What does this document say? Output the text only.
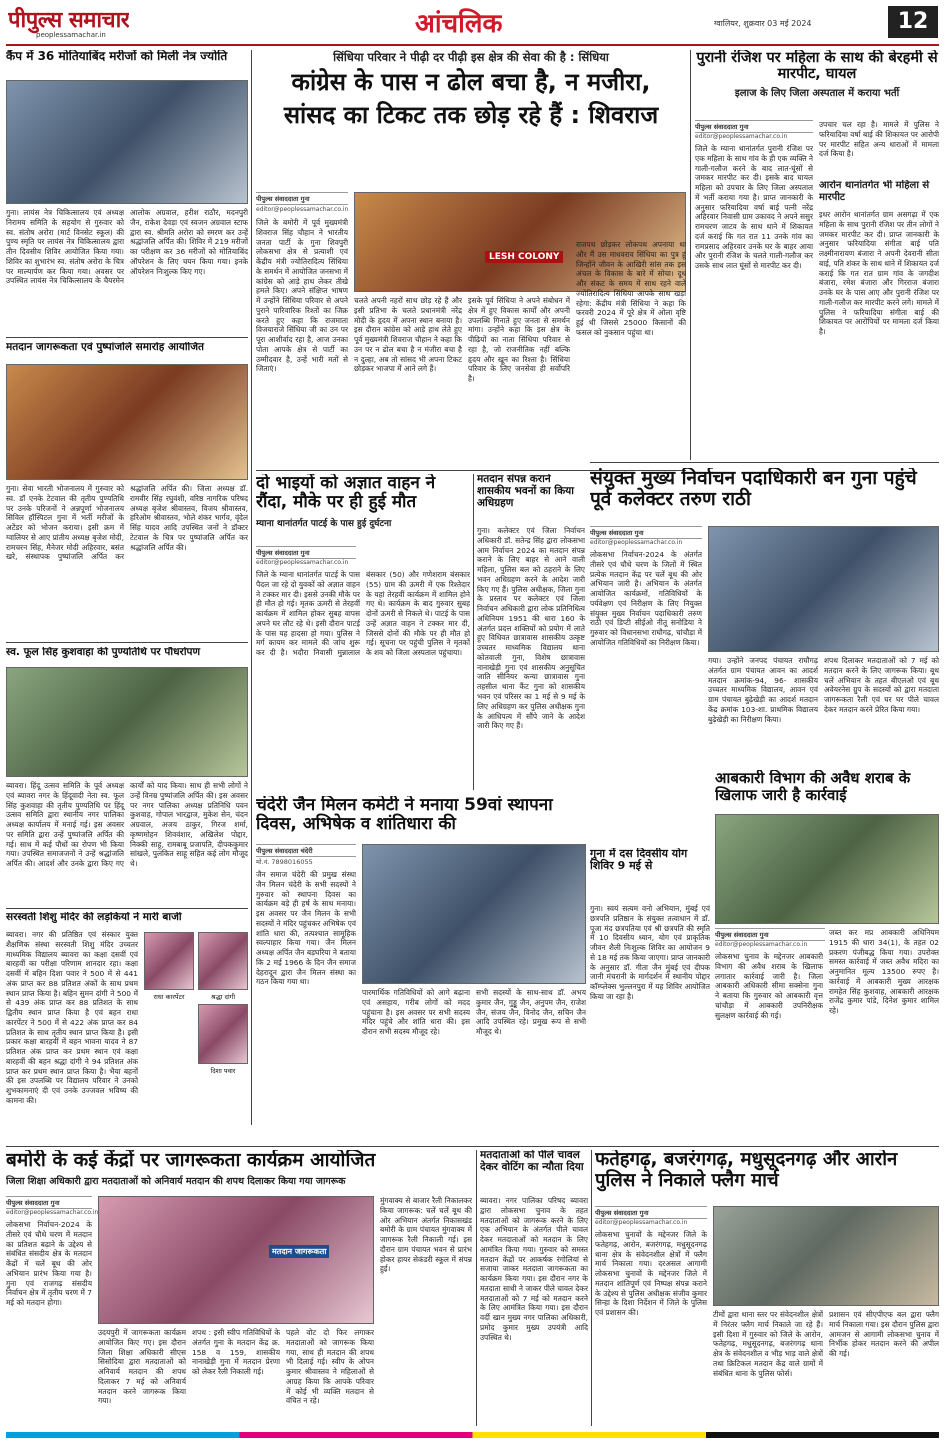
पीपुल्स समाचार
peoplessamachar.in	आंचलिक	ग्वालियर, शुक्रवार 03 मई 2024	12
कैंप में 36 मोतियाबिंद मरीजों को मिली नेत्र ज्योति
गुना। लायंस नेत्र चिकित्सालय एवं अध्यक्ष निरामय समिति के सहयोग से गुरुवार को स्व. संतोष अरोरा (मार्ट विनसेट स्कूल) की पुण्य स्मृति पर लायंस नेत्र चिकित्सालय द्वारा तीन दिवसीय शिविर आयोजित किया गया। शिविर का शुभारंभ स्व. संतोष अरोरा के चित्र पर माल्यार्पण कर किया गया। अवसर पर उपस्थित लायंस नेत्र चिकित्सालय के चैयरमेन आलोक अग्रवाल, हरीश राठौर, मदनपुरी जैन, राकेश देवड़ा एवं स्वजन अग्रवाल स्टाफ द्वारा स्व. श्रीमति अरोरा को स्मरण कर उन्हें श्रद्धांजलि अर्पित की। शिविर में 219 मरीजों का परीक्षण कर 36 मरीजों को मोतियाबिंद ऑपरेशन के लिए चयन किया गया। इनके ऑपरेशन निःशुल्क किए गए।
मतदान जागरूकता एवं पुष्पांजलि समारोह आयोजित
गुना। सेवा भारती भोजनालय में गुरुवार को स्व. डॉ एनके टेटवाल की तृतीय पुण्यतिथि पर उनके परिजनों ने अन्नपूर्णा भोजनालय सिविल हॉस्पिटल गुना में भर्ती मरीजों के अटेंडर को भोजन कराया। इसी क्रम में ग्वालियर से आए प्रांतीय अध्यक्ष बृजेश मोदी, रामचरन सिंह, मैनेजर मोदी अहिरवार, बसंत खरे, संस्थापक पुष्पांजलि अर्पित कर श्रद्धांजलि अर्पित की। जिला अध्यक्ष डॉ. रामवीर सिंह रघुवंशी, वरिष्ठ नागरिक परिषद अध्यक्ष बृजेश श्रीवास्तव, विजय श्रीवास्तव, हरिओम श्रीवास्तव, भोले शंकर भार्गव, वृंदेल सिंह यादव आदि उपस्थित जनों ने डॉक्टर टेटवाल के चित्र पर पुष्पांजलि अर्पित कर श्रद्धांजलि अर्पित की।
स्व. फूल सिंह कुशवाहा की पुण्यतिथि पर पौधरोपण
ब्यावरा। हिंदू उत्सव समिति के पूर्व अध्यक्ष एवं ब्यावरा नगर के हिंदूवादी नेता स्व. फूल सिंह कुशवाहा की तृतीय पुण्यतिथि पर हिंदू उत्सव समिति द्वारा स्थानीय नगर पालिका अध्यक्ष कार्यालय में मनाई गई। इस अवसर पर समिति द्वारा उन्हें पुष्पांजलि अर्पित की गई। साथ में कई पौधों का रोपण भी किया गया। उपस्थित समाजजनों ने उन्हें श्रद्धांजलि अर्पित की। आदर्श और उनके द्वारा किए गए कार्यों को याद किया। साथ ही सभी लोगों ने उन्हें विनम्र पुष्पांजलि अर्पित की। इस अवसर पर नगर पालिका अध्यक्ष प्रतिनिधि पवन कुशवाह, गोपाल भारद्वाज, मुकेश सेन, चंदन अग्रवाल, अजय ठाकुर, गिरज शर्मा, कृष्णमोहन शिववंशार, अखिलेश पोद्दार, निक्की साहू, रामबाबू प्रजापति, दीपककुमार सांखले, पुलकित साहू सहित कई लोग मौजूद थे।
सरस्वती शिशु मंदिर की लड़कियों ने मारी बाजी
ब्यावरा। नगर की प्रतिष्ठित एवं संस्कार युक्त शैक्षणिक संस्था सरस्वती शिशु मंदिर उच्चतर माध्यमिक विद्यालय ब्यावरा का कक्षा दसवीं एवं बारहवीं का परीक्षा परिणाम शानदार रहा। कक्षा दसवीं में बहिन दिशा पवार ने 500 में से 441 अंक प्राप्त कर 88 प्रतिशत अंकों के साथ प्रथम स्थान प्राप्त किया है। बहिन सुमन दांगी ने 500 में से 439 अंक प्राप्त कर 88 प्रतिशत के साथ द्वितीय स्थान प्राप्त किया है एवं बहन राधा कारपेंटर ने 500 में से 422 अंक प्राप्त कर 84 प्रतिशत के साथ तृतीय स्थान प्राप्त किया है। इसी प्रकार कक्षा बारहवीं में बहन भावना यादव ने 87 प्रतिशत अंक प्राप्त कर प्रथम स्थान एवं कक्षा बारहवीं की बहन श्रद्धा दांगी ने 94 प्रतिशत अंक प्राप्त कर प्रथम स्थान प्राप्त किया है। भैया बहनों की इस उपलब्धि पर विद्यालय परिवार ने उनको शुभकामनाएं दी एवं उनके उज्जवल भविष्य की कामना की।
राधा कारपेंटर	श्रद्धा दांगी
दिशा पवार
सिंधिया परिवार ने पीढ़ी दर पीढ़ी इस क्षेत्र की सेवा की है : सिंधिया
कांग्रेस के पास न ढोल बचा है, न मजीरा,
सांसद का टिकट तक छोड़ रहे हैं : शिवराज
पीपुल्स संवाददाता गुना
editor@peoplessamachar.co.in
जिले के बमोरी में पूर्व मुख्यमंत्री शिवराज सिंह चौहान ने भारतीय जनता पार्टी के गुना शिवपुरी लोकसभा क्षेत्र से प्रत्याशी एवं केंद्रीय मंत्री ज्योतिरादित्य सिंधिया के समर्थन में आयोजित जनसभा में कांग्रेस को आड़े हाथ लेकर तीखे हमले किए। अपने संक्षिप्त भाषण में उन्होंने सिंधिया परिवार से अपने पुराने पारिवारिक रिश्तों का जिक्र करते हुए कहा कि राजमाता विजयाराजे सिंधिया जी का उन पर पूरा आशीर्वाद रहा है, आज उनका पोता आपके क्षेत्र से पार्टी का उम्मीदवार है, उन्हें भारी मतों से जिताएं।
LESH COLONY
चलते अपनी नहरों साथ छोड़ रहे हैं और इसी प्रतिभा के चलते प्रधानमंत्री नरेंद्र मोदी के हृदय में अपना स्थान बनाया है। इस दौरान कांग्रेस को आड़े हाथ लेते हुए पूर्व मुख्यमंत्री शिवराज चौहान ने कहा कि उन पर न ढोल बचा है न मंजीरा बचा है न दुल्हा, अब तो सांसद भी अपना टिकट छोड़कर भाजपा में आने लगे हैं।
इसके पूर्व सिंधिया ने अपने संबोधन में क्षेत्र में हुए विकास कार्यों और अपनी उपलब्धि गिनाते हुए जनता से समर्थन मांगा। उन्होंने कहा कि इस क्षेत्र के पीढ़ियों का नाता सिंधिया परिवार से रहा है, जो राजनीतिक नहीं बल्कि हृदय और खून का रिश्ता है। सिंधिया परिवार के लिए जनसेवा ही सर्वोपरि है।
राजपथ छोड़कर लोकपथ अपनाया था और मैं उस माधवराव सिंधिया का पुत्र हूं जिन्होंने जीवन के आखिरी सांस तक इस अंचल के विकास के बारे में सोचा। दूध और संकट के समय में साथ रहने वाले ज्योतिरादित्य सिंधिया आपके साथ खड़ा रहेगा: केंद्रीय मंत्री सिंधिया ने कहा कि फरवरी 2024 में पूरे क्षेत्र में ओला वृष्टि हुई थी जिससे 25000 किसानों की फसल को नुकसान पहुंचा था।
दो भाइयों को अज्ञात वाहन ने रौंदा, मौके पर ही हुई मौत
म्याना थानांतर्गत पाटई के पास हुई दुर्घटना
पीपुल्स संवाददाता गुना
editor@peoplessamachar.co.in
जिले के म्याना थानांतर्गत पाटई के पास पैदल जा रहे दो युवकों को अज्ञात वाहन ने टक्कर मार दी। इससे उनकी मौके पर ही मौत हो गई। मृतक ऊमरी से तेरहवीं कार्यक्रम में शामिल होकर सुबह वापस अपने घर लौट रहे थे। इसी दौरान पाटई के पास यह हादसा हो गया। पुलिस ने मर्ग कायम कर मामले की जांच शुरू कर दी है। भदौरा निवासी मुन्नालाल बंसकार (50) और गणेशराम बंसकार (55) ग्राम की ऊमरी में एक रिश्तेदार के यहां तेरहवीं कार्यक्रम में शामिल होने गए थे। कार्यक्रम के बाद गुरुवार सुबह दोनों ऊमरी से निकले थे। पाटई के पास उन्हें अज्ञात वाहन ने टक्कर मार दी, जिससे दोनों की मौके पर ही मौत हो गई। सूचना पर पहुंची पुलिस ने मृतकों के शव को जिला अस्पताल पहुंचाया।
मतदान संपन्न कराने शासकीय भवनों का किया अधिग्रहण
गुना। कलेक्टर एवं जिला निर्वाचन अधिकारी डॉ. सतेन्द्र सिंह द्वारा लोकसभा आम निर्वाचन 2024 का मतदान संपन्न कराने के लिए बाहर से आने वाली महिला, पुलिस बल को ठहराने के लिए भवन अधिग्रहण करने के आदेश जारी किए गए हैं। पुलिस अधीक्षक, जिला गुना के प्रस्ताव पर कलेक्टर एवं जिला निर्वाचन अधिकारी द्वारा लोक प्रतिनिधित्व अधिनियम 1951 की धारा 160 के अंतर्गत प्रदत्त शक्तियों को प्रयोग में लाते हुए विधिवत छात्रावास शासकीय उत्कृष्ट उच्चतर माध्यमिक विद्यालय थाना कोतवाली गुना, विशेष छात्रावास नानाखेड़ी गुना एवं शासकीय अनुसूचित जाति सीनियर कन्या छात्रावास गुना तहसील थाना कैंट गुना को शासकीय भवन एवं परिसर का 1 मई से 9 मई के लिए अधिग्रहण कर पुलिस अधीक्षक गुना के आधिपत्य में सौंपे जाने के आदेश जारी किए गए हैं।
गुना में दस दिवसीय योग शिविर 9 मई से
गुना। स्वयं सत्यम वनो अभियान, मुंबई एवं छत्रपति प्रतिष्ठान के संयुक्त तत्वाधान में डॉ. पूजा मंद छत्रपतिया एवं श्री छत्रपति की स्मृति में 10 दिवसीय ध्यान, योग एवं प्राकृतिक जीवन शैली निःशुल्क शिविर का आयोजन 9 से 18 मई तक किया जाएगा। प्राप्त जानकारी के अनुसार डॉ. गीता जैन मुंबई एवं दीपक जानी मंचरानी के मार्गदर्शन में स्थानीय पोद्दार कॉम्प्लेक्स भुल्लनपुरा में यह शिविर आयोजित किया जा रहा है।
चंदेरी जैन मिलन कमेटी ने मनाया 59वां स्थापना दिवस, अभिषेक व शांतिधारा की
पीपुल्स संवाददाता चंदेरी
मो.नं. 7898016055
जैन समाज चंदेरी की प्रमुख संस्था जैन मिलन चंदेरी के सभी सदस्यों ने गुरुवार को स्थापना दिवस का कार्यक्रम बड़े ही हर्ष के साथ मनाया। इस अवसर पर जैन मिलन के सभी सदस्यों ने मंदिर पहुंचकर अभिषेक एवं शांति धारा की, तत्पश्चात सामूहिक स्वल्पाहार किया गया। जैन मिलन अध्यक्ष अर्पित जैन बड़घरिया ने बताया कि 2 मई 1966 के दिन जैन समाज देहरादून द्वारा जैन मिलन संस्था का गठन किया गया था।
पारमार्थिक गतिविधियों को आगे बढ़ाना एवं असहाय, गरीब लोगों को मदद पहुंचाना है। इस अवसर पर सभी सदस्य मंदिर पहुंचे और शांति धारा की। इस दौरान सभी सदस्य मौजूद रहे।
सभी सदस्यों के साथ-साथ डॉ. अभय कुमार जैन, गुड्डू जैन, अनुपम जैन, राजेश जैन, संजय जैन, विनोद जैन, सचिन जैन आदि उपस्थित रहे। प्रमुख रूप से सभी मौजूद थे।
पुरानी रंजिश पर महिला के साथ की बेरहमी से मारपीट, घायल
इलाज के लिए जिला अस्पताल में कराया भर्ती
पीपुल्स संवाददाता गुना
editor@peoplessamachar.co.in
जिले के म्याना थानांतर्गत पुरानी रंजिश पर एक महिला के साथ गांव के ही एक व्यक्ति ने गाली-गलौज करने के बाद लात-घूंसों से जमकर मारपीट कर दी। इसके बाद घायल महिला को उपचार के लिए जिला अस्पताल में भर्ती कराया गया है। प्राप्त जानकारी के अनुसार फरियादिया वर्षा बाई पत्नी नरेंद्र अहिरवार निवासी ग्राम उकावद ने अपने ससुर रामचरण जाटव के साथ थाने में शिकायत दर्ज कराई कि गत रात 11 उनके गांव का रामप्रसाद अहिरवार उनके घर के बाहर आया और पुरानी रंजिश के चलते गाली-गलौज कर उसके साथ लात घूंसों से मारपीट कर दी।
उपचार चल रहा है। मामले में पुलिस ने फरियादिया वर्षा बाई की शिकायत पर आरोपी पर मारपीट सहित अन्य धाराओं में मामला दर्ज किया है।
आरोन थानांतर्गत भी महिला से मारपीट
इधर आरोन थानांतर्गत ग्राम असगढ़ा में एक महिला के साथ पुरानी रंजिश पर तीन लोगों ने जमकर मारपीट कर दी। प्राप्त जानकारी के अनुसार फरियादिया संगीता बाई पति लक्ष्मीनारायण बंजारा ने अपनी देवरानी सीता बाई, पति शंकर के साथ थाने में शिकायत दर्ज कराई कि गत रात ग्राम गांव के जगदीश बंजारा, रमेश बंजारा और गिरराज बंजारा उनके घर के पास आए और पुरानी रंजिश पर गाली-गलौज कर मारपीट करने लगे। मामले में पुलिस ने फरियादिया संगीता बाई की शिकायत पर आरोपियों पर मामला दर्ज किया है।
संयुक्त मुख्य निर्वाचन पदाधिकारी बन गुना पहुंचे पूर्व कलेक्टर तरुण राठी
पीपुल्स संवाददाता गुना
editor@peoplessamachar.co.in
लोकसभा निर्वाचन-2024 के अंतर्गत तीसरे एवं चौथे चरण के जिलों में स्थित प्रत्येक मतदान केंद्र पर चलें बूथ की ओर अभियान जारी है। अभियान के अंतर्गत आयोजित कार्यक्रमों, गतिविधियों के पर्यवेक्षण एवं निरीक्षण के लिए नियुक्त संयुक्त मुख्य निर्वाचन पदाधिकारी तरुण राठी एवं डिप्टी सीईओ नीतू सनोडिया ने गुरुवार को विधानसभा राघौगढ़, चांचौड़ा में आयोजित गतिविधियों का निरीक्षण किया।
गया। उन्होंने जनपद पंचायत राघौगढ़ अंतर्गत ग्राम पंचायत आवन का आदर्श मतदान क्रमांक-94, 96- शासकीय उच्चतर माध्यमिक विद्यालय, आवन एवं ग्राम पंचायत बुढ़ेखेड़ी का आदर्श मतदान केंद्र क्रमांक 103-शा. प्राथमिक विद्यालय बुढ़ेखेड़ी का निरीक्षण किया।
शपथ दिलाकर मतदाताओं को 7 मई को मतदान करने के लिए जागरूक किया। बूथ चलें अभियान के तहत बीएलओ एवं बूथ अवेयरनेस ग्रुप के सदस्यों को द्वारा मतदाता जागरूकता रैली एवं घर घर पीले चावल देकर मतदान करने प्रेरित किया गया।
आबकारी विभाग की अवैध शराब के खिलाफ जारी है कार्रवाई
पीपुल्स संवाददाता गुना
editor@peoplessamachar.co.in
लोकसभा चुनाव के मद्देनजर आबकारी विभाग की अवैध शराब के खिलाफ लगातार कार्रवाई जारी है। जिला आबकारी अधिकारी सीमा सक्सेना गुना ने बताया कि गुरुवार को आबकारी वृत्त चांचौड़ा में आबकारी उपनिरीक्षक सुलक्षण कार्रवाई की गई।
जब्त कर मप्र आबकारी अधिनियम 1915 की धारा 34(1), के तहत 02 प्रकरण पंजीबद्ध किया गया। उपरोक्त समस्त कार्रवाई में जब्त अवैध मदिरा का अनुमानित मूल्य 13500 रुपए है। कार्रवाई में आबकारी मुख्य आरक्षक रामहेत सिंह कुशवाह, आबकारी आरक्षक राजेंद्र कुमार पांडे, दिनेश कुमार शामिल रहे।
बमोरी के कई केंद्रों पर जागरूकता कार्यक्रम आयोजित
जिला शिक्षा अधिकारी द्वारा मतदाताओं को अनिवार्य मतदान की शपथ दिलाकर किया गया जागरूक
पीपुल्स संवाददाता गुना
editor@peoplessamachar.co.in
लोकसभा निर्वाचन-2024 के तीसरे एवं चौथे चरण में मतदान का प्रतिशत बढ़ाने के उद्देश्य से संबंधित संसदीय क्षेत्र के मतदान केंद्रों में चलें बूथ की ओर अभियान प्रारंभ किया गया है। गुना एवं राजगढ़ संसदीय निर्वाचन क्षेत्र में तृतीय चरण में 7 मई को मतदान होगा।
मतदान जागरूकता
उदयपुरी में जागरूकता कार्यक्रम आयोजित किए गए। इस दौरान जिला शिक्षा अधिकारी सीएस सिसोदिया द्वारा मतदाताओं को अनिवार्य मतदान की शपथ दिलाकर 7 मई को अनिवार्य मतदान करने जागरूक किया गया।
शपथ : इसी स्वीप गतिविधियों के अंतर्गत गुना के मतदान केंद्र क्र. 158 व 159, शासकीय नानाखेड़ी गुना में मतदान प्रेरणा को लेकर रैली निकाली गई।
पहले वोट दो फिर लगाकर मतदाताओं को जागरूक किया गया, साथ ही मतदान की शपथ भी दिलाई गई। स्वीप के ओपन कुमार श्रीवास्तव ने महिलाओं से आग्रह किया कि आपके परिवार में कोई भी व्यक्ति मतदान से वंचित न रहे।
मुंगवाक्य से बाजार रैली निकालकर किया जागरूक: चलें चलें बूथ की ओर अभियान अंतर्गत निकासखंड बमोरी के ग्राम पंचायत मुंगवाक्य में जागरूक रैली निकाली गई। इस दौरान ग्राम पंचायत भवन से प्रारंभ होकर हायर सेकंडरी स्कूल में संपन्न हुई।
मतदाताओं को पीले चावल देकर वोटिंग का न्यौता दिया
ब्यावरा। नगर पालिका परिषद ब्यावरा द्वारा लोकसभा चुनाव के तहत मतदाताओं को जागरूक करने के लिए एक अभियान के अंतर्गत पीले चावल देकर मतदाताओं को मतदान के लिए आमंत्रित किया गया। गुरुवार को समस्त मतदान केंद्रों पर आकर्षक रंगोलियां से सजाया जाकर मतदाता जागरूकता का कार्यक्रम किया गया। इस दौरान नगर के मतदाता साथी ने जाकर पीले चावल देकर मतदाताओं को 7 मई को मतदान करने के लिए आमंत्रित किया गया। इस दौरान वर्दी खान मुख्य नगर पालिका अधिकारी, प्रमोद कुमार मुख्य उपयंत्री आदि उपस्थित थे।
फतेहगढ़, बजरंगगढ़, मधुसूदनगढ़ और आरोन पुलिस ने निकाले फ्लैग मार्च
पीपुल्स संवाददाता गुना
editor@peoplessamachar.co.in
लोकसभा चुनावों के मद्देनजर जिले के फतेहगढ़, आरोन, बजरंगगढ़, मधुसूदनगढ़ थाना क्षेत्र के संवेदनशील क्षेत्रों में फ्लैग मार्च निकाला गया। दरअसल आगामी लोकसभा चुनावों के मद्देनजर जिले में मतदान शांतिपूर्ण एवं निष्पक्ष संपन्न कराने के उद्देश्य से पुलिस अधीक्षक संजीव कुमार सिन्हा के दिशा निर्देशन में जिले के पुलिस एवं प्रशासन की।	टीमों द्वारा थाना स्तर पर संवेदनशील क्षेत्रों में निरंतर फ्लैग मार्च निकाले जा रहे हैं। इसी दिशा में गुरुवार को जिले के आरोन, फतेहगढ़, मधुसूदनगढ़, बजरंगगढ़ थाना क्षेत्र के संवेदनशील व भीड़ भाड़ वाले क्षेत्रों तथा क्रिटिकल मतदान केंद्र वाले ग्रामों में संबंधित थाना के पुलिस फोर्स।
प्रशासन एवं सीएपीएफ बल द्वारा फ्लैग मार्च निकाला गया। इस दौरान पुलिस द्वारा आमजन से आगामी लोकसभा चुनाव में निर्भीक होकर मतदान करने की अपील की गई।
